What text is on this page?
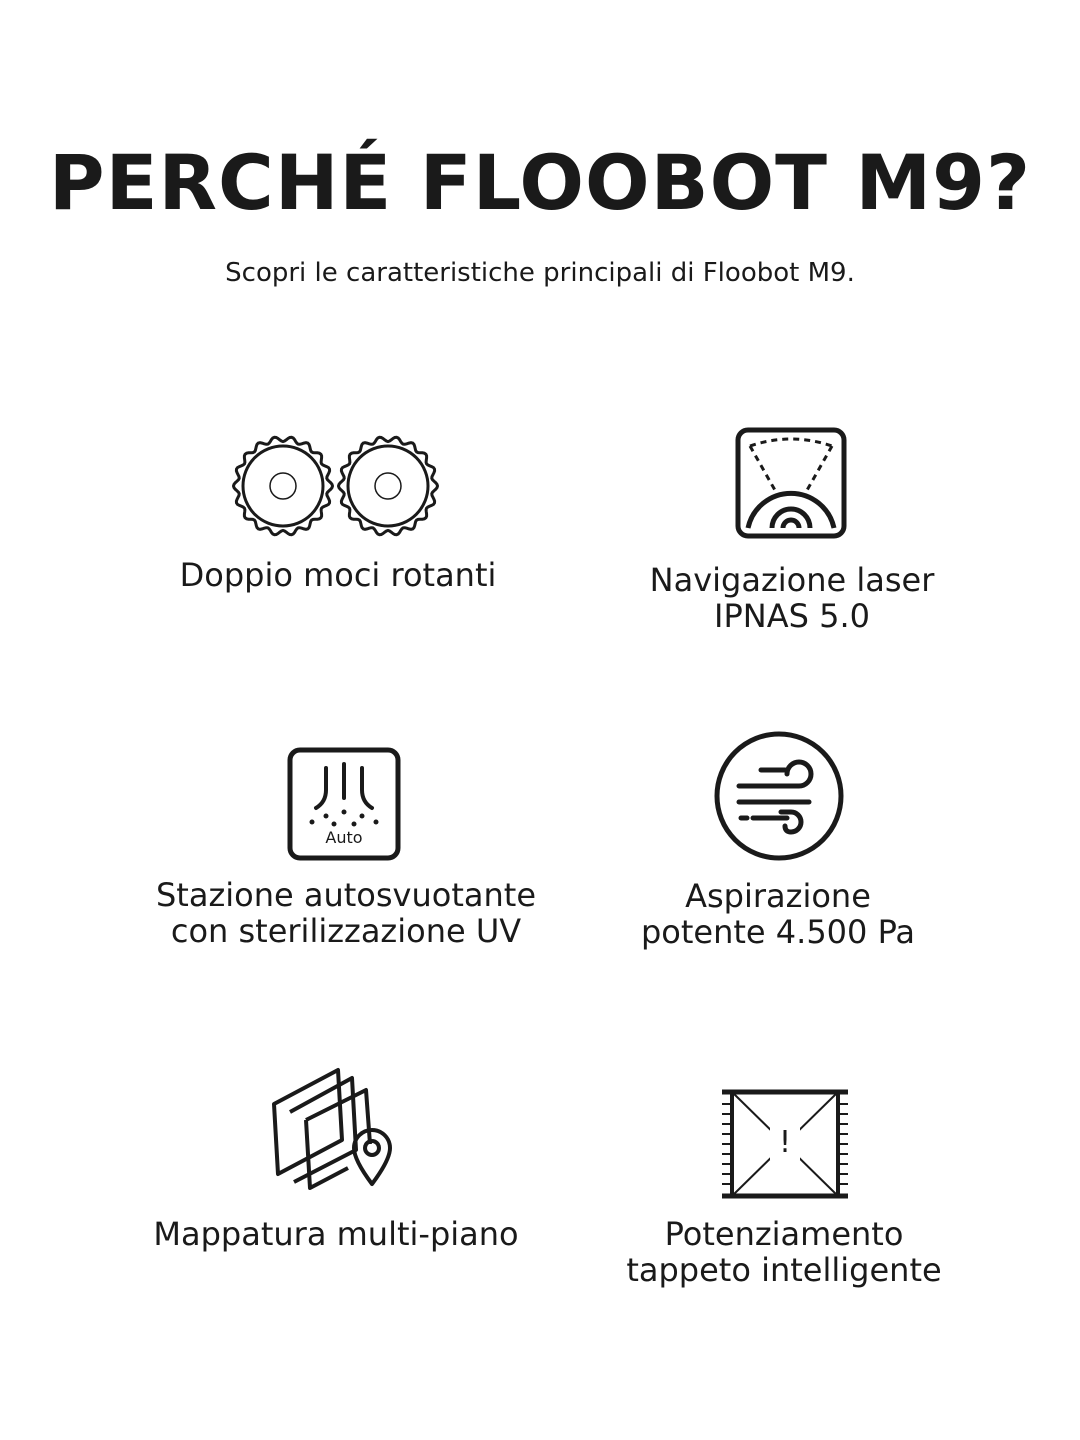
PERCHÉ FLOOBOT M9?

Scopri le caratteristiche principali di Floobot M9.

Doppio moci rotanti	Navigazione laser
IPNAS 5.0
Auto
Stazione autosvuotante
con sterilizzazione UV
Aspirazione
potente 4.500 Pa
Mappatura multi-piano
!
Potenziamento
tappeto intelligente
